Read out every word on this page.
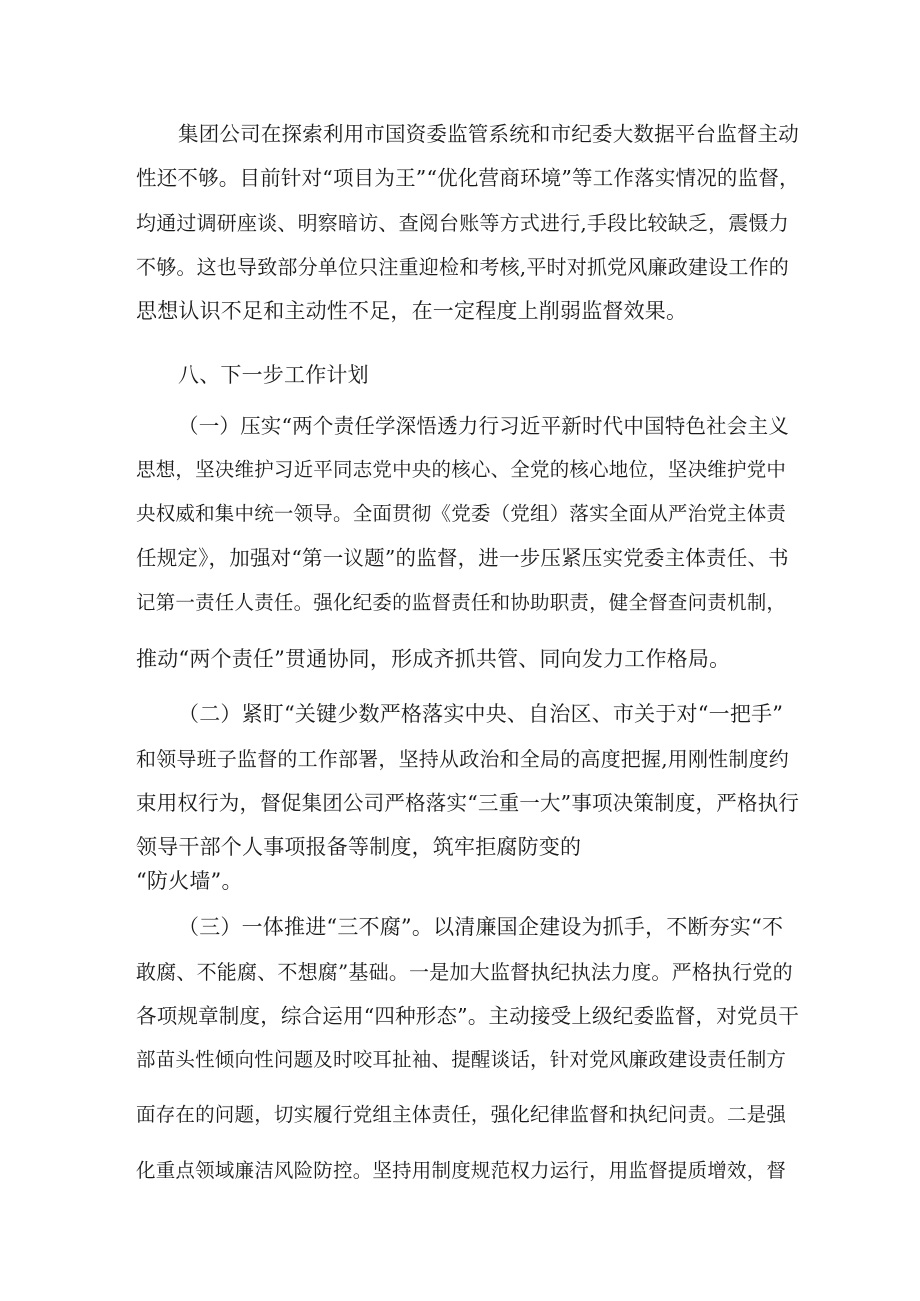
集团公司在探索利用市国资委监管系统和市纪委大数据平台监督主动

性还不够。目前针对“项目为王”“优化营商环境”等工作落实情况的监督，

均通过调研座谈、明察暗访、查阅台账等方式进行,手段比较缺乏，震慑力

不够。这也导致部分单位只注重迎检和考核,平时对抓党风廉政建设工作的

思想认识不足和主动性不足，在一定程度上削弱监督效果。

八、下一步工作计划

（一）压实“两个责任学深悟透力行习近平新时代中国特色社会主义

思想，坚决维护习近平同志党中央的核心、全党的核心地位，坚决维护党中

央权威和集中统一领导。全面贯彻《党委（党组）落实全面从严治党主体责

任规定》，加强对“第一议题”的监督，进一步压紧压实党委主体责任、书

记第一责任人责任。强化纪委的监督责任和协助职责，健全督查问责机制，

推动“两个责任”贯通协同，形成齐抓共管、同向发力工作格局。

（二）紧盯“关键少数严格落实中央、自治区、市关于对“一把手”

和领导班子监督的工作部署，坚持从政治和全局的高度把握,用刚性制度约

束用权行为，督促集团公司严格落实“三重一大”事项决策制度，严格执行

领导干部个人事项报备等制度，筑牢拒腐防变的

“防火墙”。

（三）一体推进“三不腐”。以清廉国企建设为抓手，不断夯实“不

敢腐、不能腐、不想腐”基础。一是加大监督执纪执法力度。严格执行党的

各项规章制度，综合运用“四种形态”。主动接受上级纪委监督，对党员干

部苗头性倾向性问题及时咬耳扯袖、提醒谈话，针对党风廉政建设责任制方

面存在的问题，切实履行党组主体责任，强化纪律监督和执纪问责。二是强

化重点领域廉洁风险防控。坚持用制度规范权力运行，用监督提质增效，督
